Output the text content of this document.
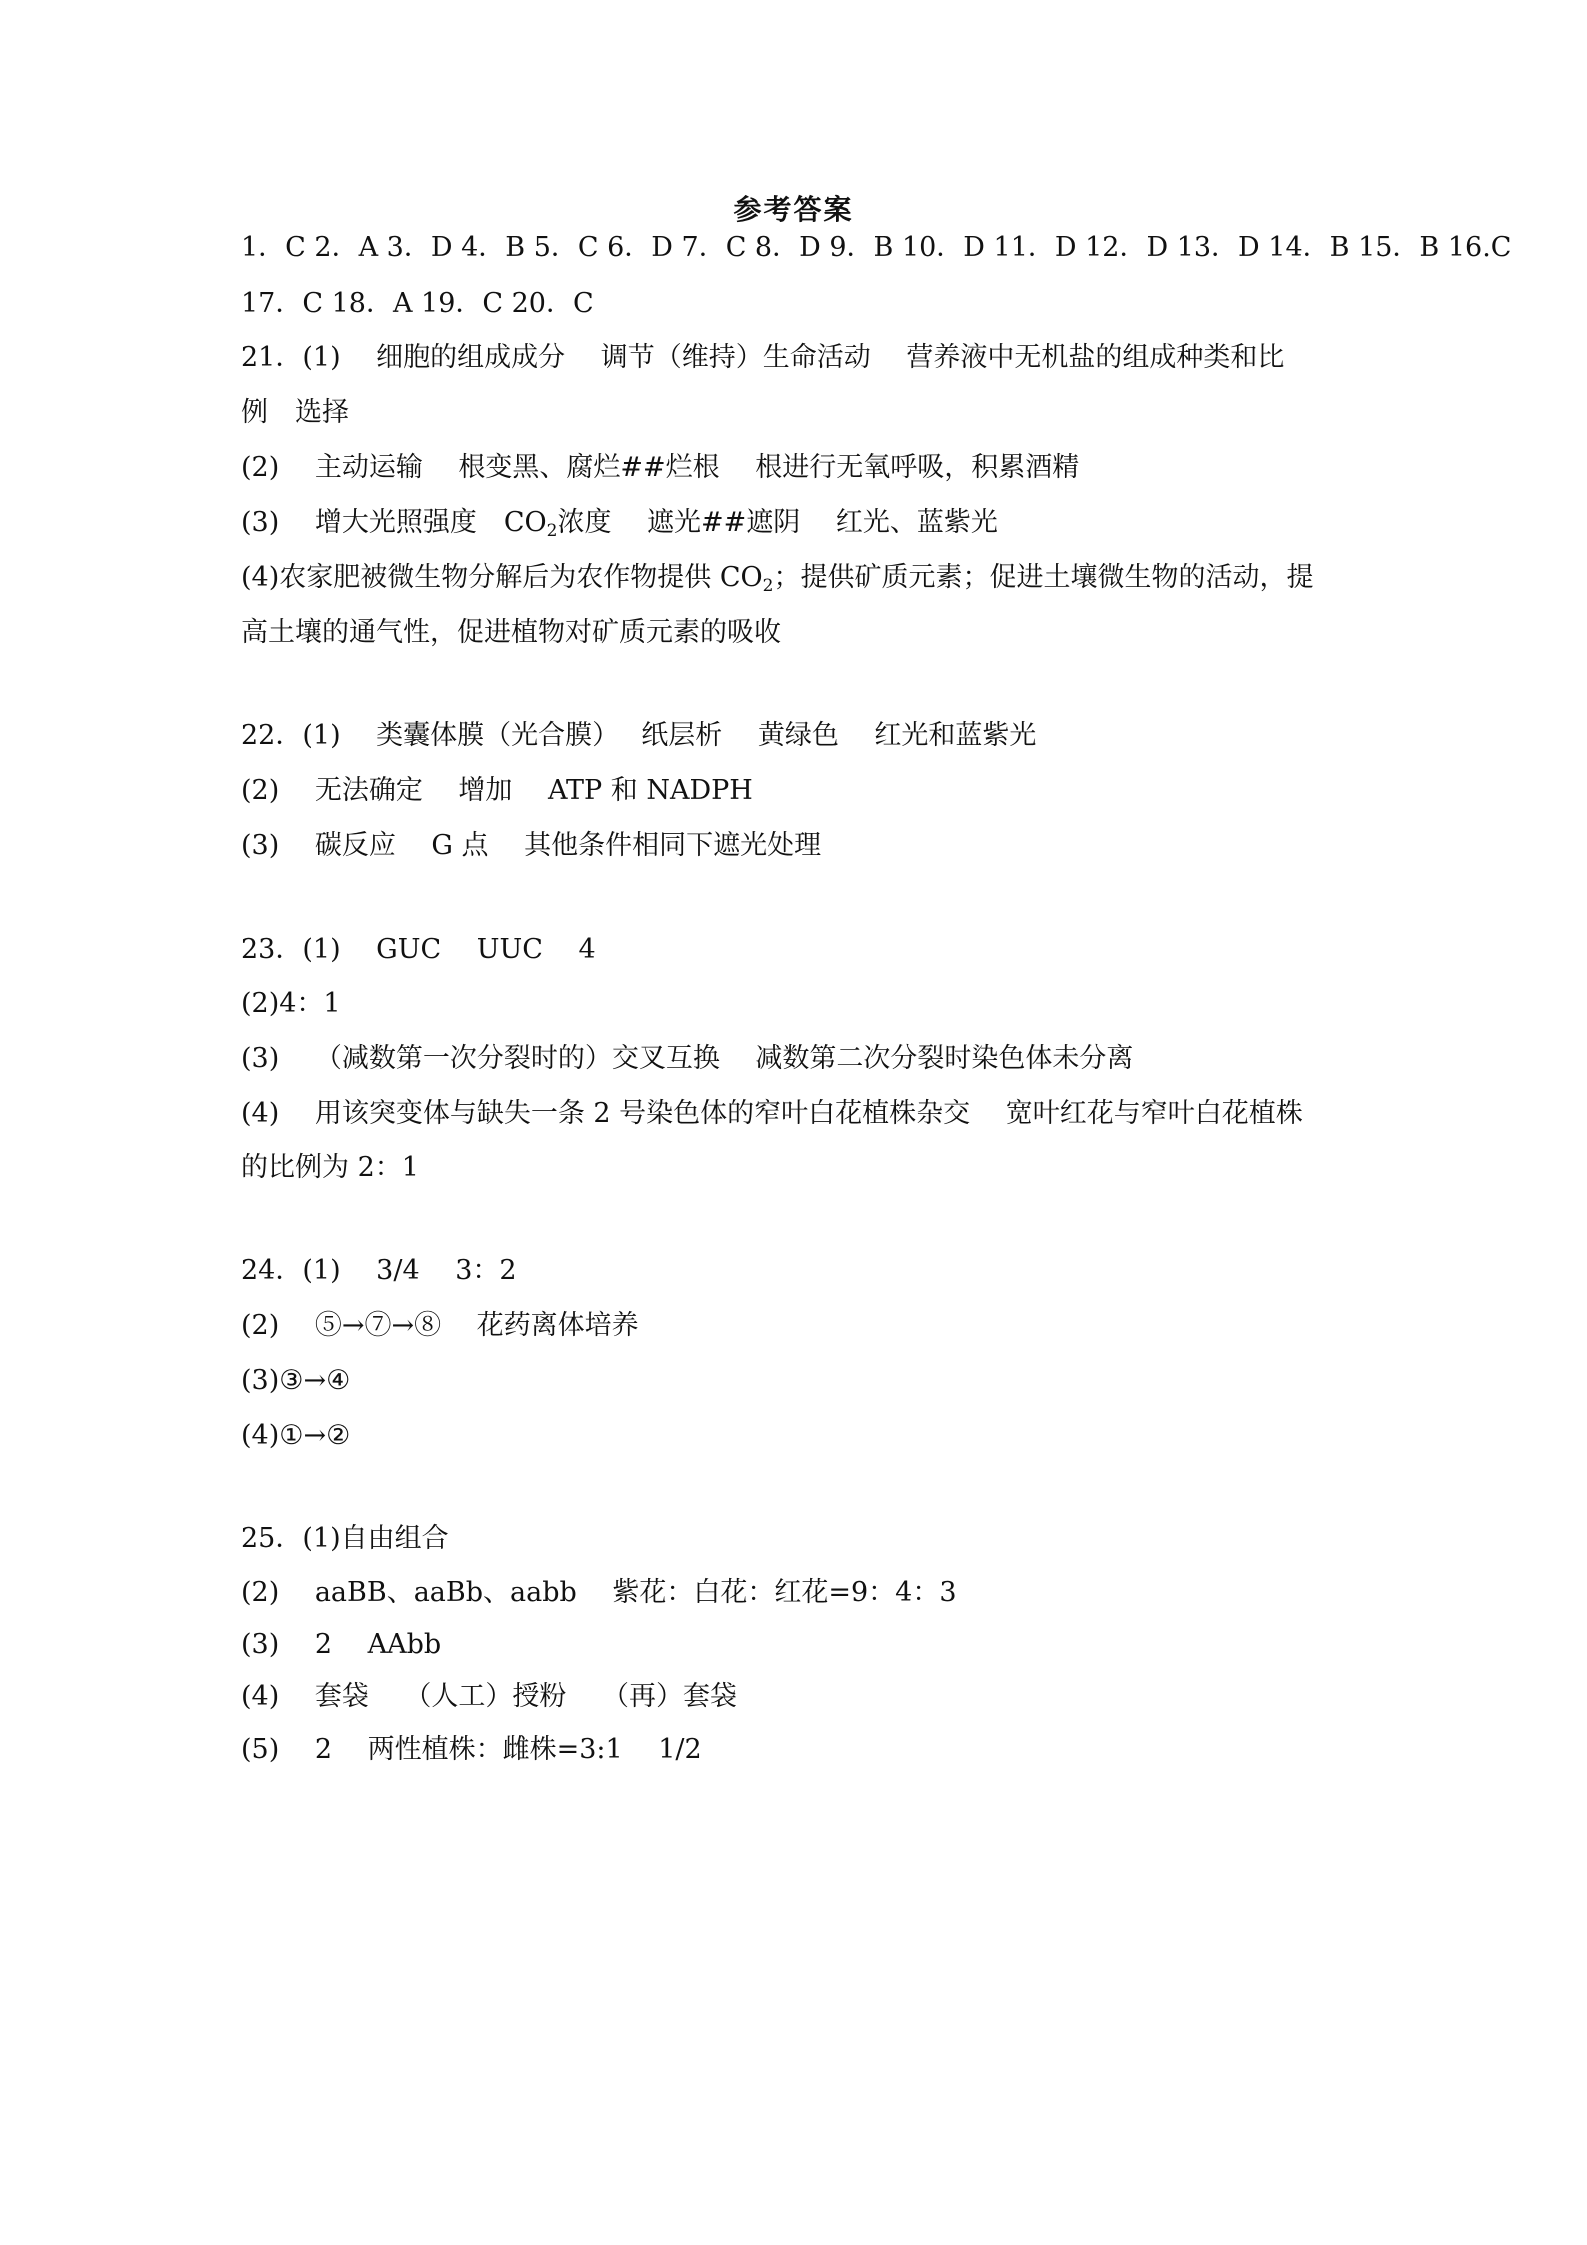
参考答案
1．C 2．A 3．D 4．B 5．C 6．D 7．C 8．D 9．B 10．D 11．D 12．D 13．D 14．B 15．B 16.C
17．C 18．A 19．C 20．C
21．(1)　 细胞的组成成分　 调节（维持）生命活动　 营养液中无机盐的组成种类和比
例　选择
(2)　 主动运输　 根变黑、腐烂##烂根　 根进行无氧呼吸，积累酒精
(3)　 增大光照强度　$CO_2$浓度　 遮光##遮阴　 红光、蓝紫光
(4)农家肥被微生物分解后为农作物提供 $CO_2$；提供矿质元素；促进土壤微生物的活动，提
高土壤的通气性，促进植物对矿质元素的吸收
22．(1)　 类囊体膜（光合膜）　 纸层析　 黄绿色　 红光和蓝紫光
(2)　 无法确定　 增加　 ATP 和 NADPH
(3)　 碳反应　 G 点　 其他条件相同下遮光处理
23．(1)　 GUC　 UUC　 4
(2)4：1
(3)　 （减数第一次分裂时的）交叉互换　 减数第二次分裂时染色体未分离
(4)　 用该突变体与缺失一条 2 号染色体的窄叶白花植株杂交　 宽叶红花与窄叶白花植株
的比例为 2：1
24．(1)　 3/4　 3：2
(2)　 ⑤→⑦→⑧　 花药离体培养
(3)③→④
(4)①→②
25．(1)自由组合
(2)　 aaBB、aaBb、aabb　 紫花：白花：红花=9：4：3
(3)　 2　 AAbb
(4)　 套袋　 （人工）授粉　 （再）套袋
(5)　 2　 两性植株：雌株=3:1　 1/2
